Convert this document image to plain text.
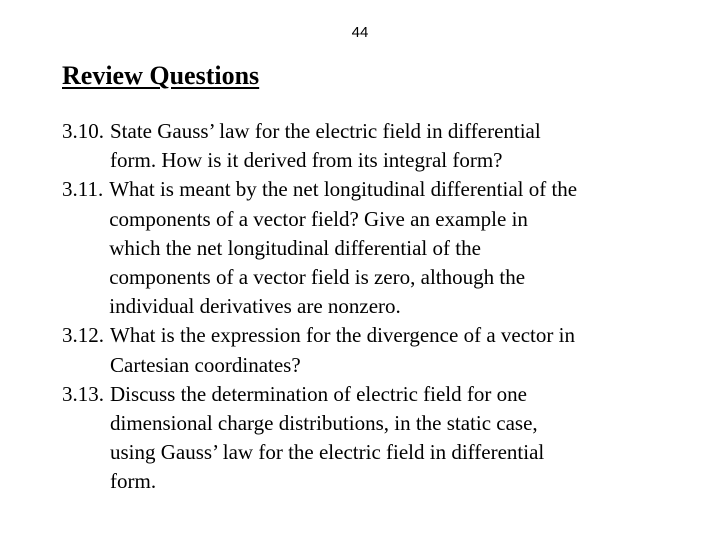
44
Review Questions
3.10. State Gauss’ law for the electric field in differential
form. How is it derived from its integral form?
3.11. What is meant by the net longitudinal differential of the
components of a vector field? Give an example in
which the net longitudinal differential of the
components of a vector field is zero, although the
individual derivatives are nonzero.
3.12. What is the expression for the divergence of a vector in
Cartesian coordinates?
3.13. Discuss the determination of electric field for one
dimensional charge distributions, in the static case,
using Gauss’ law for the electric field in differential
form.
